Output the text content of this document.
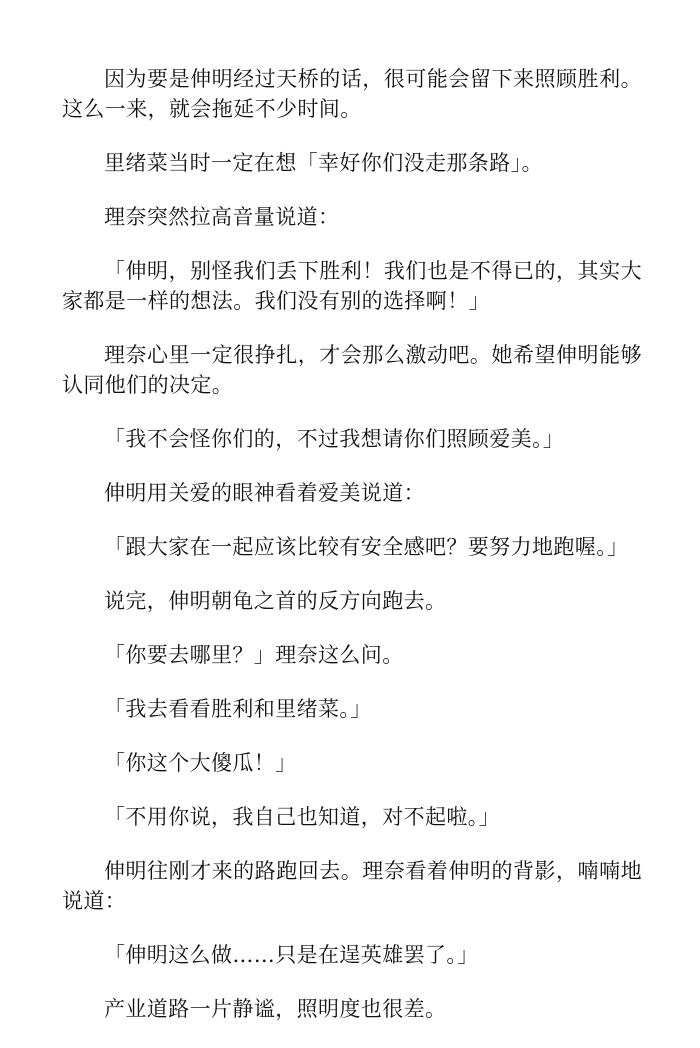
因为要是伸明经过天桥的话，很可能会留下来照顾胜利。这么一来，就会拖延不少时间。

里绪菜当时一定在想「幸好你们没走那条路」。

理奈突然拉高音量说道：

「伸明，别怪我们丢下胜利！我们也是不得已的，其实大家都是一样的想法。我们没有别的选择啊！」

理奈心里一定很挣扎，才会那么激动吧。她希望伸明能够认同他们的决定。

「我不会怪你们的，不过我想请你们照顾爱美。」

伸明用关爱的眼神看着爱美说道：

「跟大家在一起应该比较有安全感吧？要努力地跑喔。」

说完，伸明朝龟之首的反方向跑去。

「你要去哪里？」理奈这么问。

「我去看看胜利和里绪菜。」

「你这个大傻瓜！」

「不用你说，我自己也知道，对不起啦。」

伸明往刚才来的路跑回去。理奈看着伸明的背影，喃喃地说道：

「伸明这么做……只是在逞英雄罢了。」

产业道路一片静谧，照明度也很差。
